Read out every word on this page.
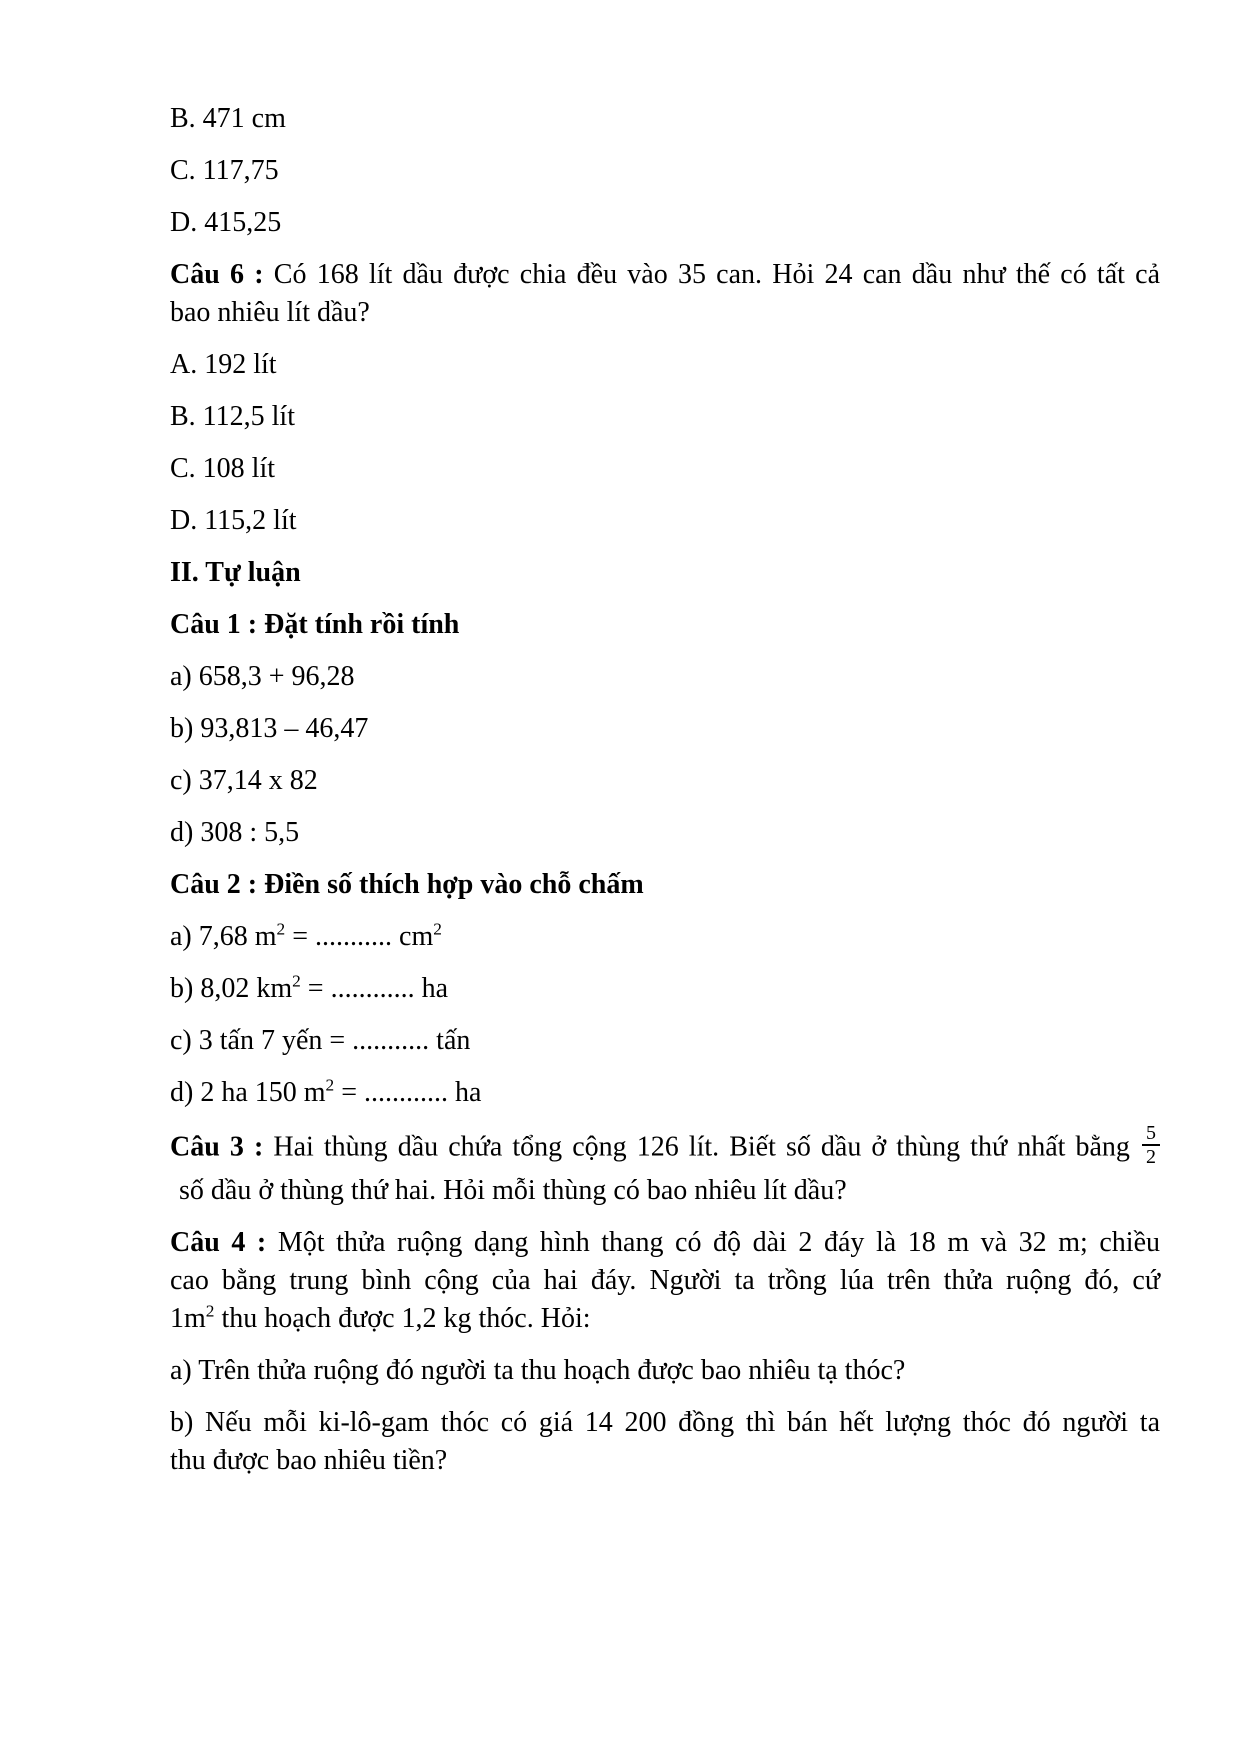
B. 471 cm

C. 117,75

D. 415,25

Câu 6 : Có 168 lít dầu được chia đều vào 35 can. Hỏi 24 can dầu như thế có tất cả
bao nhiêu lít dầu?

A. 192 lít

B. 112,5 lít

C. 108 lít

D. 115,2 lít

II. Tự luận

Câu 1 : Đặt tính rồi tính

a) 658,3 + 96,28

b) 93,813 – 46,47

c) 37,14 x 82

d) 308 : 5,5

Câu 2 : Điền số thích hợp vào chỗ chấm

a) 7,68 $m^2$ = ........... $cm^2$

b) 8,02 $km^2$ = ............ ha

c) 3 tấn 7 yến = ........... tấn

d) 2 ha 150 $m^2$ = ............ ha

Câu 3 : Hai thùng dầu chứa tổng cộng 126 lít. Biết số dầu ở thùng thứ nhất bằng $\frac{5}{2}$
số dầu ở thùng thứ hai. Hỏi mỗi thùng có bao nhiêu lít dầu?
Câu 4 : Một thửa ruộng dạng hình thang có độ dài 2 đáy là 18 m và 32 m; chiều
cao bằng trung bình cộng của hai đáy. Người ta trồng lúa trên thửa ruộng đó, cứ
$1m^2$ thu hoạch được 1,2 kg thóc. Hỏi:

a) Trên thửa ruộng đó người ta thu hoạch được bao nhiêu tạ thóc?

b) Nếu mỗi ki-lô-gam thóc có giá 14 200 đồng thì bán hết lượng thóc đó người ta
thu được bao nhiêu tiền?
